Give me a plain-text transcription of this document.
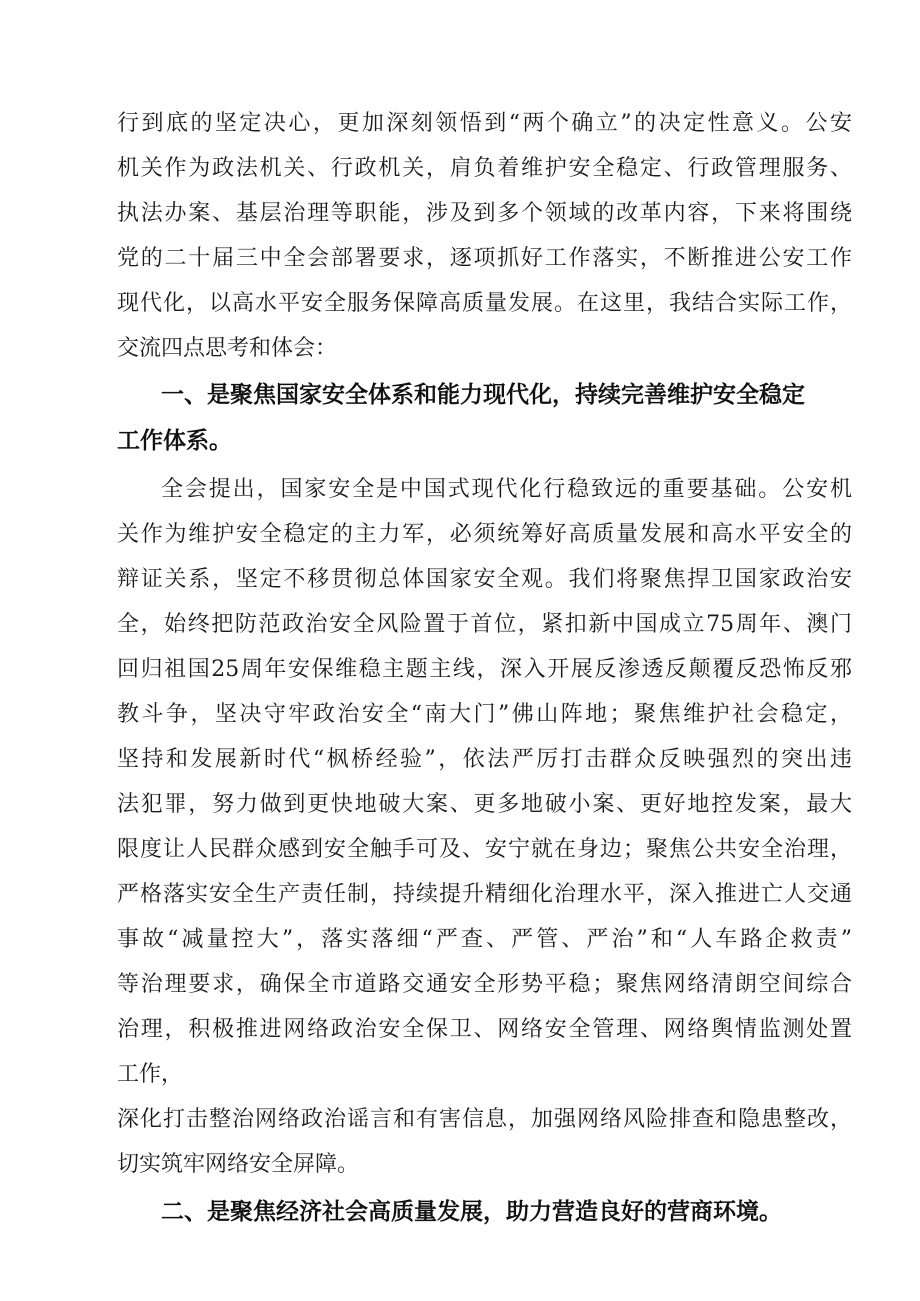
行到底的坚定决心，更加深刻领悟到“两个确立”的决定性意义。公安
机关作为政法机关、行政机关，肩负着维护安全稳定、行政管理服务、
执法办案、基层治理等职能，涉及到多个领域的改革内容，下来将围绕
党的二十届三中全会部署要求，逐项抓好工作落实，不断推进公安工作
现代化，以高水平安全服务保障高质量发展。在这里，我结合实际工作，
交流四点思考和体会：
一、是聚焦国家安全体系和能力现代化，持续完善维护安全稳定
工作体系。
全会提出，国家安全是中国式现代化行稳致远的重要基础。公安机
关作为维护安全稳定的主力军，必须统筹好高质量发展和高水平安全的
辩证关系，坚定不移贯彻总体国家安全观。我们将聚焦捍卫国家政治安
全，始终把防范政治安全风险置于首位，紧扣新中国成立75周年、澳门
回归祖国25周年安保维稳主题主线，深入开展反渗透反颠覆反恐怖反邪
教斗争，坚决守牢政治安全“南大门”佛山阵地；聚焦维护社会稳定，
坚持和发展新时代“枫桥经验”，依法严厉打击群众反映强烈的突出违
法犯罪，努力做到更快地破大案、更多地破小案、更好地控发案，最大
限度让人民群众感到安全触手可及、安宁就在身边；聚焦公共安全治理，
严格落实安全生产责任制，持续提升精细化治理水平，深入推进亡人交通
事故“减量控大”，落实落细“严查、严管、严治”和“人车路企救责”
等治理要求，确保全市道路交通安全形势平稳；聚焦网络清朗空间综合
治理，积极推进网络政治安全保卫、网络安全管理、网络舆情监测处置
工作，
深化打击整治网络政治谣言和有害信息，加强网络风险排查和隐患整改，
切实筑牢网络安全屏障。
二、是聚焦经济社会高质量发展，助力营造良好的营商环境。
